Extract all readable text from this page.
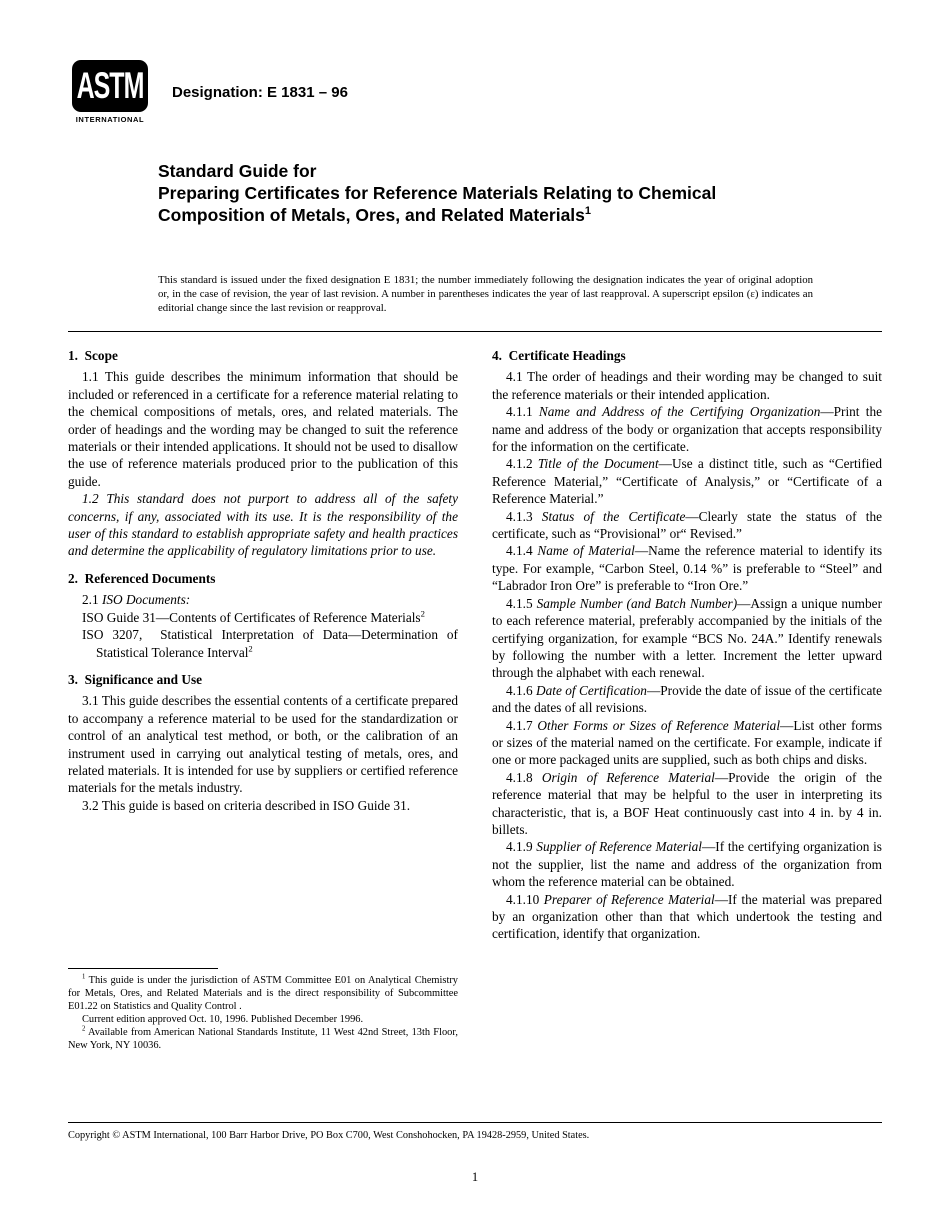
ASTM
INTERNATIONAL
Designation: E 1831 – 96
Standard Guide for
Preparing Certificates for Reference Materials Relating to Chemical Composition of Metals, Ores, and Related Materials$^1$
This standard is issued under the fixed designation E 1831; the number immediately following the designation indicates the year of original adoption or, in the case of revision, the year of last revision. A number in parentheses indicates the year of last reapproval. A superscript epsilon (ε) indicates an editorial change since the last revision or reapproval.
1.  Scope

1.1 This guide describes the minimum information that should be included or referenced in a certificate for a reference material relating to the chemical compositions of metals, ores, and related materials. The order of headings and the wording may be changed to suit the reference materials or their intended applications. It should not be used to disallow the use of reference materials produced prior to the publication of this guide.

1.2 This standard does not purport to address all of the safety concerns, if any, associated with its use. It is the responsibility of the user of this standard to establish appropriate safety and health practices and determine the applicability of regulatory limitations prior to use.

2.  Referenced Documents

2.1 ISO Documents:

ISO Guide 31—Contents of Certificates of Reference Materials$^2$

ISO 3207,  Statistical Interpretation of Data—Determination of Statistical Tolerance Interval$^2$

3.  Significance and Use

3.1 This guide describes the essential contents of a certificate prepared to accompany a reference material to be used for the standardization or control of an analytical test method, or both, or the calibration of an instrument used in carrying out analytical testing of metals, ores, and related materials. It is intended for use by suppliers or certified reference materials for the metals industry.

3.2 This guide is based on criteria described in ISO Guide 31.

$^1$ This guide is under the jurisdiction of ASTM Committee E01 on Analytical Chemistry for Metals, Ores, and Related Materials and is the direct responsibility of Subcommittee E01.22 on Statistics and Quality Control .

Current edition approved Oct. 10, 1996. Published December 1996.

$^2$ Available from American National Standards Institute, 11 West 42nd Street, 13th Floor, New York, NY 10036.

4.  Certificate Headings

4.1 The order of headings and their wording may be changed to suit the reference materials or their intended application.

4.1.1 Name and Address of the Certifying Organization—Print the name and address of the body or organization that accepts responsibility for the information on the certificate.

4.1.2 Title of the Document—Use a distinct title, such as “Certified Reference Material,” “Certificate of Analysis,” or “Certificate of a Reference Material.”

4.1.3 Status of the Certificate—Clearly state the status of the certificate, such as “Provisional” or“ Revised.”

4.1.4 Name of Material—Name the reference material to identify its type. For example, “Carbon Steel, 0.14 %” is preferable to “Steel” and “Labrador Iron Ore” is preferable to “Iron Ore.”

4.1.5 Sample Number (and Batch Number)—Assign a unique number to each reference material, preferably accompanied by the initials of the certifying organization, for example “BCS No. 24A.” Identify renewals by following the number with a letter. Increment the letter upward through the alphabet with each renewal.

4.1.6 Date of Certification—Provide the date of issue of the certificate and the dates of all revisions.

4.1.7 Other Forms or Sizes of Reference Material—List other forms or sizes of the material named on the certificate. For example, indicate if one or more packaged units are supplied, such as both chips and disks.

4.1.8 Origin of Reference Material—Provide the origin of the reference material that may be helpful to the user in interpreting its characteristic, that is, a BOF Heat continuously cast into 4 in. by 4 in. billets.

4.1.9 Supplier of Reference Material—If the certifying organization is not the supplier, list the name and address of the organization from whom the reference material can be obtained.

4.1.10 Preparer of Reference Material—If the material was prepared by an organization other than that which undertook the testing and certification, identify that organization.

Copyright © ASTM International, 100 Barr Harbor Drive, PO Box C700, West Conshohocken, PA 19428-2959, United States.
1
